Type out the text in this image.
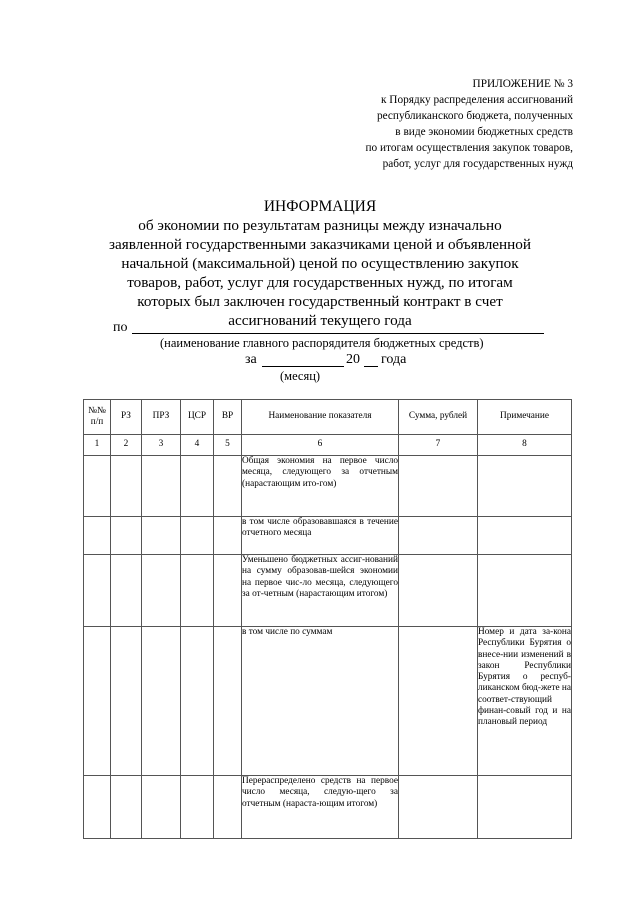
ПРИЛОЖЕНИЕ № 3
к Порядку распределения ассигнований
республиканского бюджета, полученных
в виде экономии бюджетных средств
по итогам осуществления закупок товаров,
работ, услуг для государственных нужд
ИНФОРМАЦИЯ
об экономии по результатам разницы между изначально
заявленной государственными заказчиками ценой и объявленной
начальной (максимальной) ценой по осуществлению закупок
товаров, работ, услуг для государственных нужд, по итогам
которых был заключен государственный контракт в счет
ассигнований текущего года
по
(наименование главного распорядителя бюджетных средств)
за	20 года
(месяц)
№№ п/п	РЗ	ПРЗ	ЦСР	ВР	Наименование показателя	Сумма, рублей	Примечание
1	2	3	4	5	6	7	8
					Общая экономия на первое число месяца, следующего за отчетным (нарастающим ито-гом)		
					в том числе образовавшаяся в течение отчетного месяца		
					Уменьшено бюджетных ассиг-нований на сумму образовав-шейся экономии на первое чис-ло месяца, следующего за от-четным (нарастающим итогом)		
					в том числе по суммам		Номер и дата за-кона Республики Бурятия о внесе-нии изменений в закон Республики Бурятия о респуб-ликанском бюд-жете на соответ-ствующий финан-совый год и на плановый период
					Перераспределено средств на первое число месяца, следую-щего за отчетным (нараста-ющим итогом)		
